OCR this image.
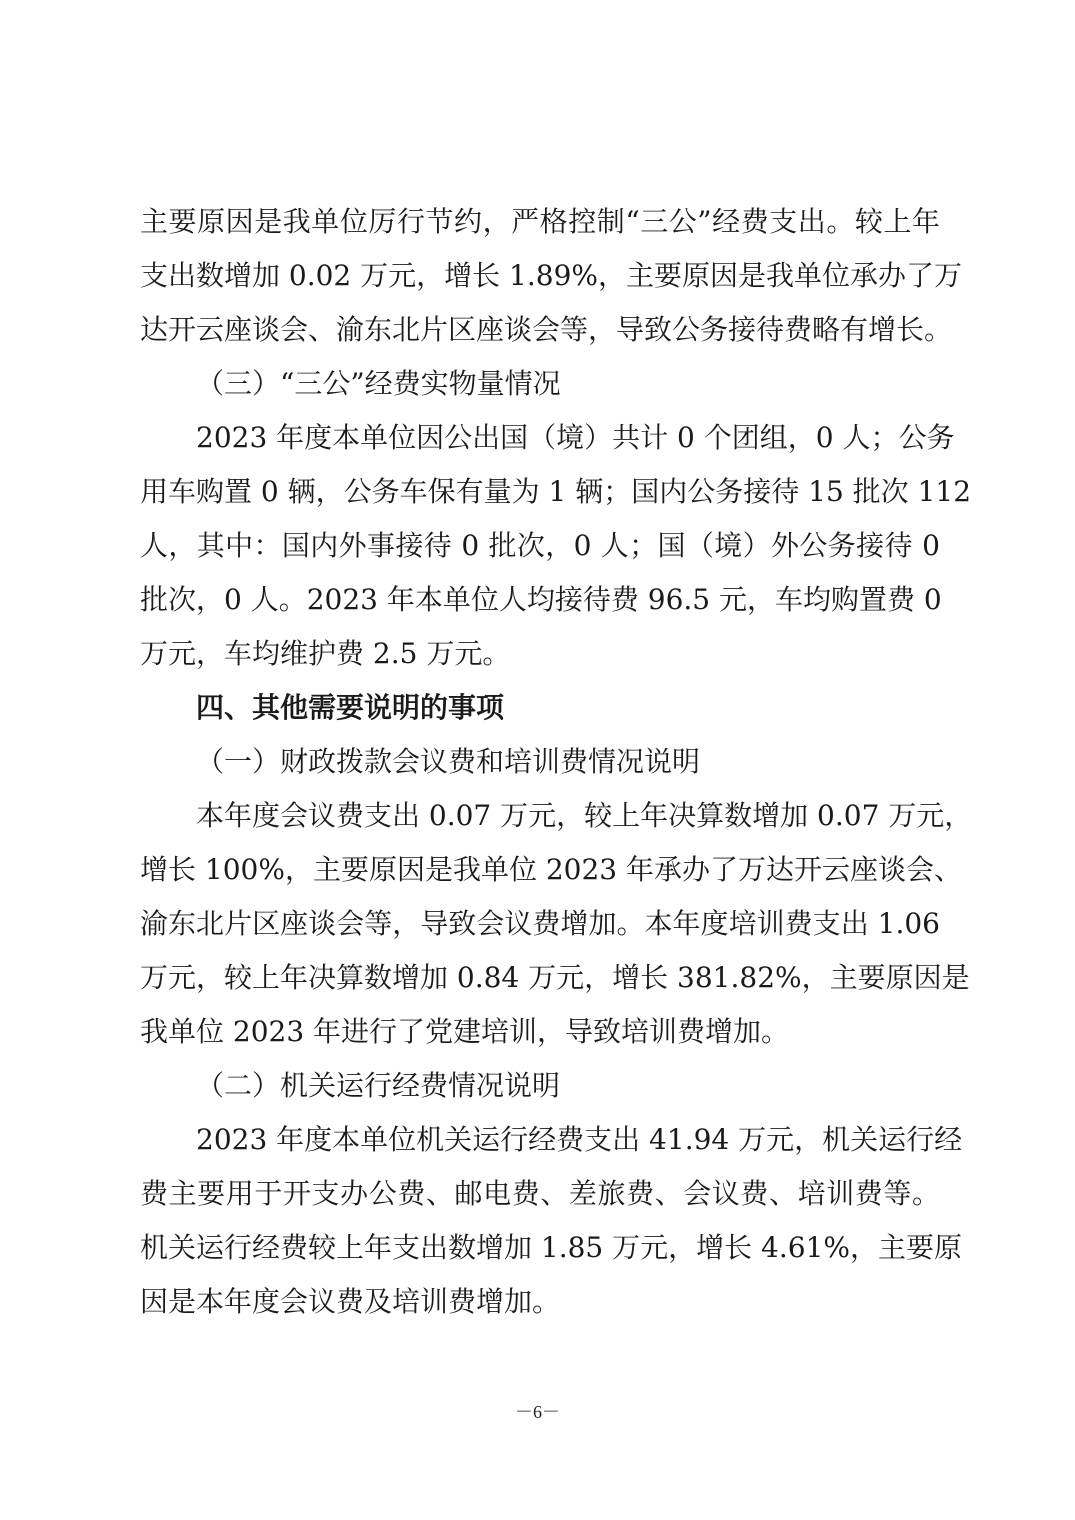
主要原因是我单位厉行节约，严格控制“三公”经费支出。较上年
支出数增加 0.02 万元，增长 1.89%，主要原因是我单位承办了万
达开云座谈会、渝东北片区座谈会等，导致公务接待费略有增长。
（三）“三公”经费实物量情况
2023 年度本单位因公出国（境）共计 0 个团组，0 人；公务
用车购置 0 辆，公务车保有量为 1 辆；国内公务接待 15 批次 112
人，其中：国内外事接待 0 批次，0 人；国（境）外公务接待 0
批次，0 人。2023 年本单位人均接待费 96.5 元，车均购置费 0
万元，车均维护费 2.5 万元。
四、其他需要说明的事项
（一）财政拨款会议费和培训费情况说明
本年度会议费支出 0.07 万元，较上年决算数增加 0.07 万元，
增长 100%，主要原因是我单位 2023 年承办了万达开云座谈会、
渝东北片区座谈会等，导致会议费增加。本年度培训费支出 1.06
万元，较上年决算数增加 0.84 万元，增长 381.82%，主要原因是
我单位 2023 年进行了党建培训，导致培训费增加。
（二）机关运行经费情况说明
2023 年度本单位机关运行经费支出 41.94 万元，机关运行经
费主要用于开支办公费、邮电费、差旅费、会议费、培训费等。
机关运行经费较上年支出数增加 1.85 万元，增长 4.61%，主要原
因是本年度会议费及培训费增加。
－6－
